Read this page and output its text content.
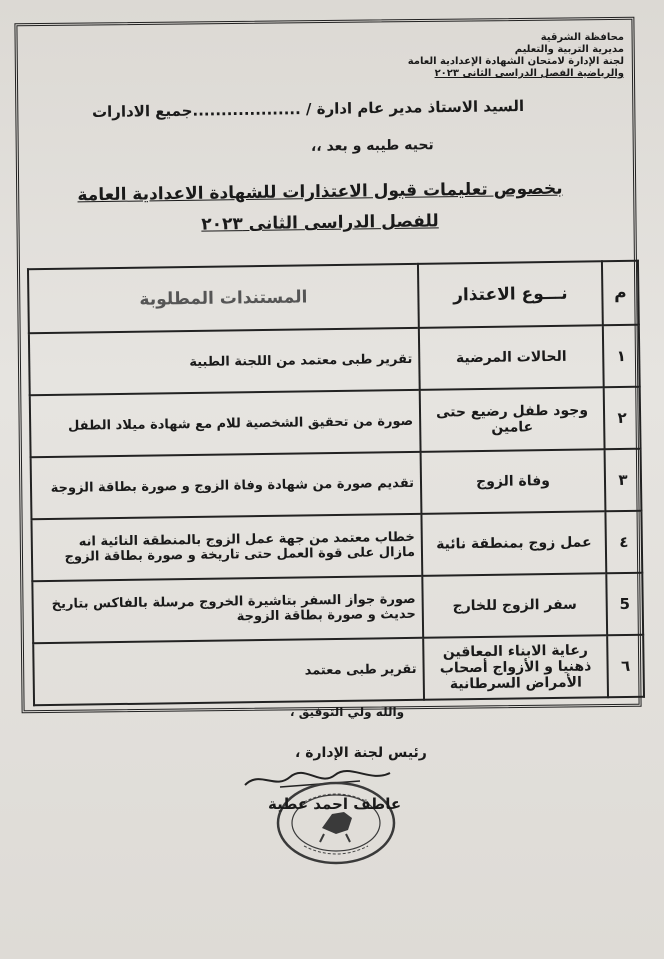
محافظة الشرقية
مديرية التربية والتعليم
لجنة الإدارة لامتحان الشهادة الإعدادية العامة
والرياضية الفصل الدراسى الثانى ٢٠٢٣
السيد الاستاذ مدير عام ادارة / ...................جميع الادارات
تحيه طيبه و بعد ،،
بخصوص تعليمات قبول الاعتذارات للشهادة الاعدادية العامة
للفصل الدراسى الثانى ٢٠٢٣
م	نـــوع الاعتذار	المستندات المطلوبة
١	الحالات المرضية	تقرير طبى معتمد من اللجنة الطبية
٢	وجود طفل رضيع حتى عامين	صورة من تحقيق الشخصية للام مع شهادة ميلاد الطفل
٣	وفاة الزوج	تقديم صورة من شهادة وفاة الزوج و صورة بطاقة الزوجة
٤	عمل زوج بمنطقة نائية	خطاب معتمد من جهة عمل الزوج بالمنطقة النائية انه مازال على قوة العمل حتى تاريخة و صورة بطاقة الزوج
5	سفر الزوج للخارج	صورة جواز السفر بتاشيرة الخروج مرسلة بالفاكس بتاريخ حديث و صورة بطاقة الزوجة
٦	رعاية الابناء المعاقين ذهنيا و الأزواج أصحاب الأمراض السرطانية	تقرير طبى معتمد
والله ولي التوفيق ،
رئيس لجنة الإدارة ،
عاطف احمد عطية
